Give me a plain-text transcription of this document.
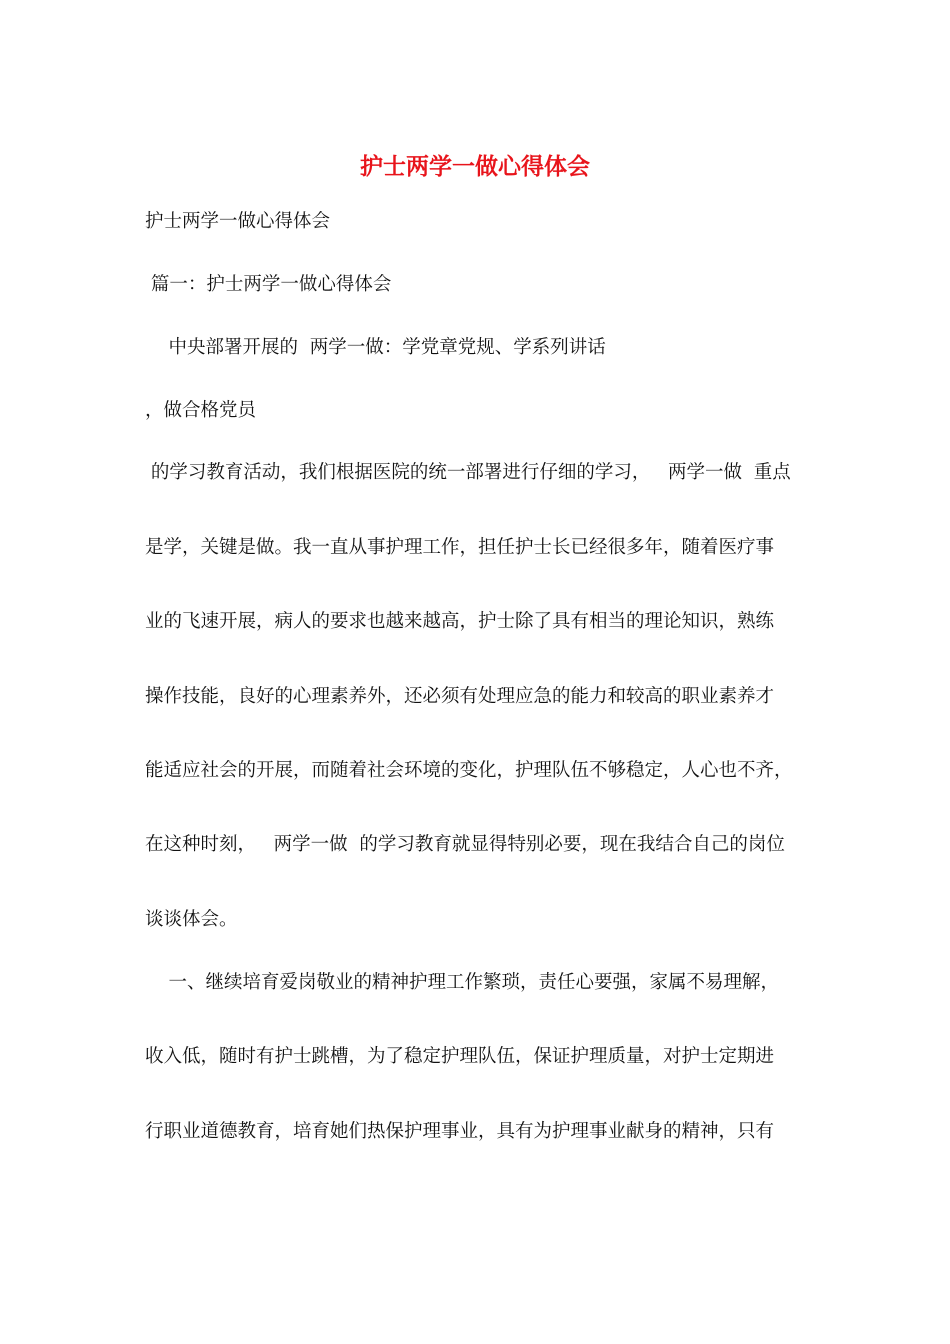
护士两学一做心得体会
护士两学一做心得体会
篇一：护士两学一做心得体会
中央部署开展的  两学一做：学党章党规、学系列讲话
，做合格党员
的学习教育活动，我们根据医院的统一部署进行仔细的学习，   两学一做  重点
是学，关键是做。我一直从事护理工作，担任护士长已经很多年，随着医疗事
业的飞速开展，病人的要求也越来越高，护士除了具有相当的理论知识，熟练
操作技能，良好的心理素养外，还必须有处理应急的能力和较高的职业素养才
能适应社会的开展，而随着社会环境的变化，护理队伍不够稳定，人心也不齐，
在这种时刻，   两学一做  的学习教育就显得特别必要，现在我结合自己的岗位
谈谈体会。
一、继续培育爱岗敬业的精神护理工作繁琐，责任心要强，家属不易理解，
收入低，随时有护士跳槽，为了稳定护理队伍，保证护理质量，对护士定期进
行职业道德教育，培育她们热保护理事业，具有为护理事业献身的精神，只有
